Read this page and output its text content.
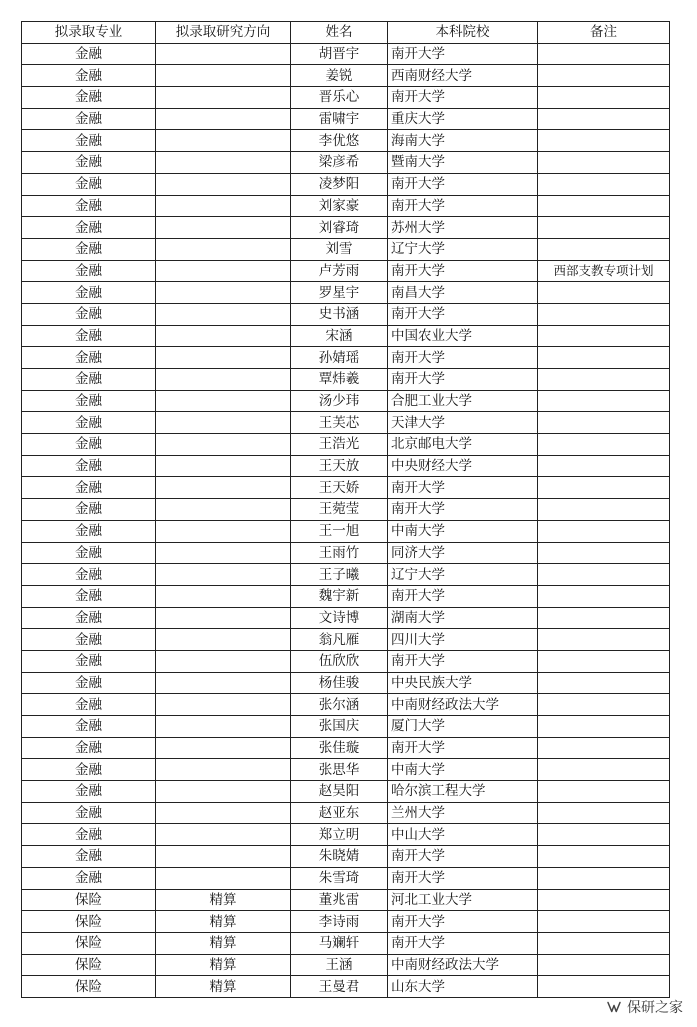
拟录取专业	拟录取研究方向	姓名	本科院校	备注
金融		胡晋宇	南开大学	
金融		姜锐	西南财经大学	
金融		晋乐心	南开大学	
金融		雷啸宇	重庆大学	
金融		李优悠	海南大学	
金融		梁彦希	暨南大学	
金融		凌梦阳	南开大学	
金融		刘家豪	南开大学	
金融		刘睿琦	苏州大学	
金融		刘雪	辽宁大学	
金融		卢芳雨	南开大学	西部支教专项计划
金融		罗星宇	南昌大学	
金融		史书涵	南开大学	
金融		宋涵	中国农业大学	
金融		孙婧瑶	南开大学	
金融		覃炜羲	南开大学	
金融		汤少玮	合肥工业大学	
金融		王芙芯	天津大学	
金融		王浩光	北京邮电大学	
金融		王天放	中央财经大学	
金融		王天娇	南开大学	
金融		王菀莹	南开大学	
金融		王一旭	中南大学	
金融		王雨竹	同济大学	
金融		王子曦	辽宁大学	
金融		魏宇新	南开大学	
金融		文诗博	湖南大学	
金融		翁凡雁	四川大学	
金融		伍欣欣	南开大学	
金融		杨佳骏	中央民族大学	
金融		张尔涵	中南财经政法大学	
金融		张国庆	厦门大学	
金融		张佳璇	南开大学	
金融		张思华	中南大学	
金融		赵昊阳	哈尔滨工程大学	
金融		赵亚东	兰州大学	
金融		郑立明	中山大学	
金融		朱晓婧	南开大学	
金融		朱雪琦	南开大学	
保险	精算	董兆雷	河北工业大学	
保险	精算	李诗雨	南开大学	
保险	精算	马斓轩	南开大学	
保险	精算	王涵	中南财经政法大学	
保险	精算	王曼君	山东大学	
保研之家
